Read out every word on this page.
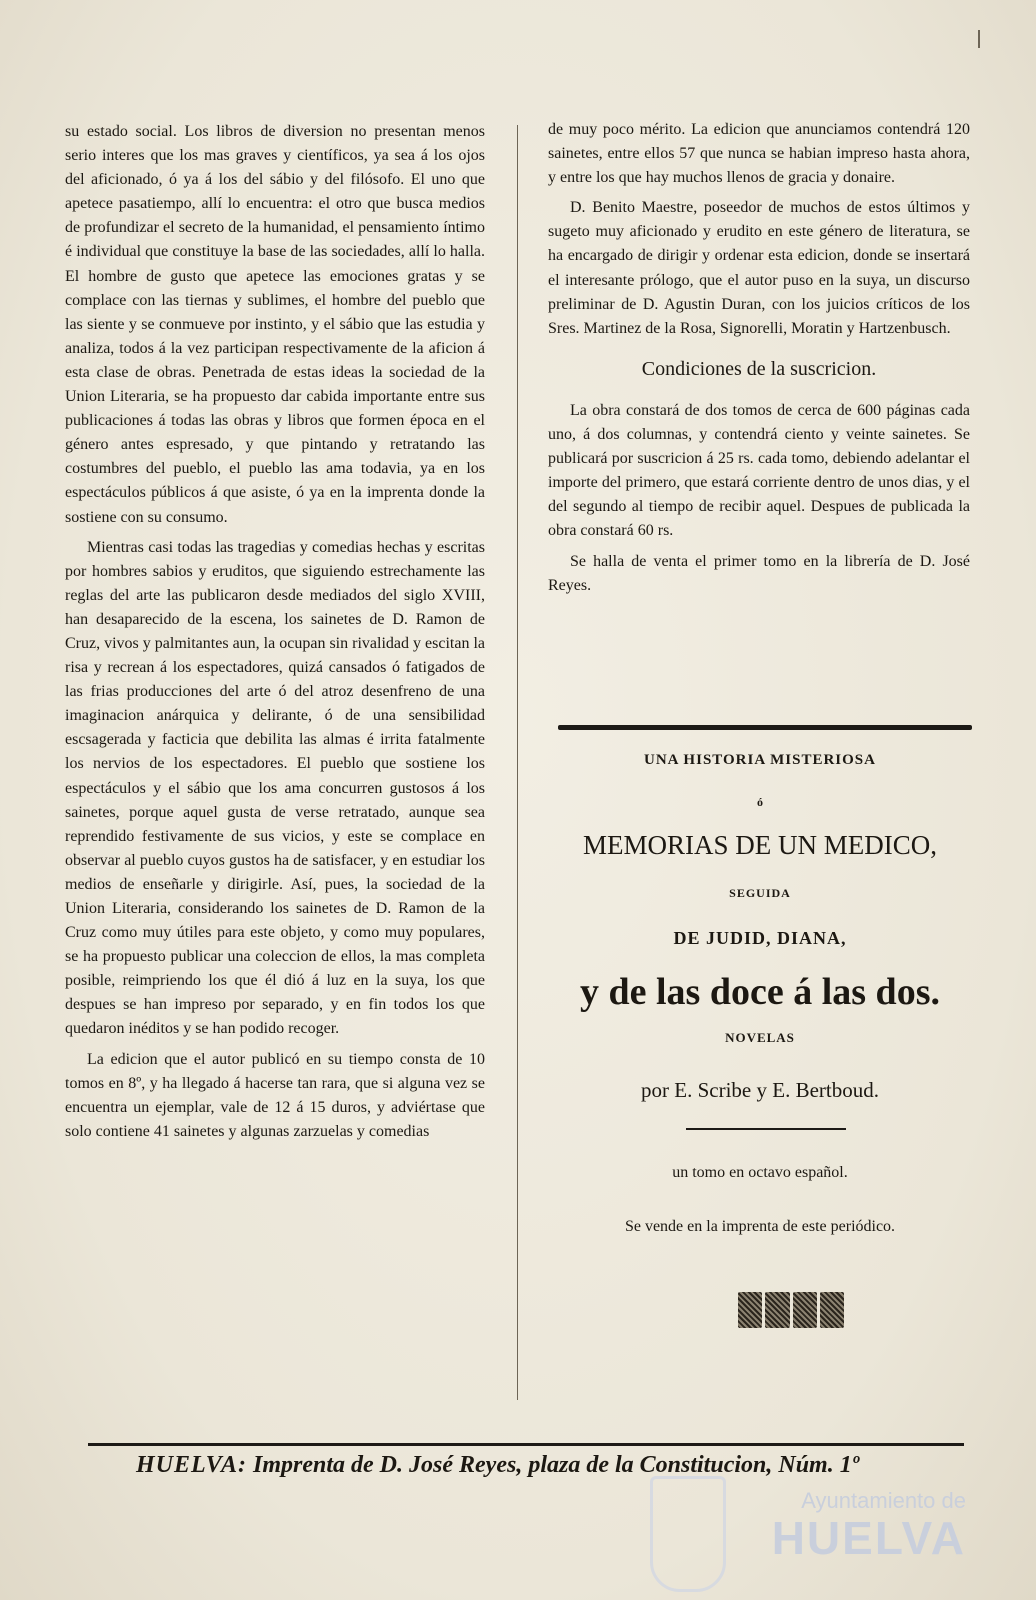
su estado social. Los libros de diversion no presentan menos serio interes que los mas graves y científicos, ya sea á los ojos del aficionado, ó ya á los del sábio y del filósofo. El uno que apetece pasatiempo, allí lo encuentra: el otro que busca medios de profundizar el secreto de la humanidad, el pensamiento íntimo é individual que constituye la base de las sociedades, allí lo halla. El hombre de gusto que apetece las emociones gratas y se complace con las tiernas y sublimes, el hombre del pueblo que las siente y se conmueve por instinto, y el sábio que las estudia y analiza, todos á la vez participan respectivamente de la aficion á esta clase de obras. Penetrada de estas ideas la sociedad de la Union Literaria, se ha propuesto dar cabida importante entre sus publicaciones á todas las obras y libros que formen época en el género antes espresado, y que pintando y retratando las costumbres del pueblo, el pueblo las ama todavia, ya en los espectáculos públicos á que asiste, ó ya en la imprenta donde la sostiene con su consumo.

Mientras casi todas las tragedias y comedias hechas y escritas por hombres sabios y eruditos, que siguiendo estrechamente las reglas del arte las publicaron desde mediados del siglo XVIII, han desaparecido de la escena, los sainetes de D. Ramon de Cruz, vivos y palmitantes aun, la ocupan sin rivalidad y escitan la risa y recrean á los espectadores, quizá cansados ó fatigados de las frias producciones del arte ó del atroz desenfreno de una imaginacion anárquica y delirante, ó de una sensibilidad escsagerada y facticia que debilita las almas é irrita fatalmente los nervios de los espectadores. El pueblo que sostiene los espectáculos y el sábio que los ama concurren gustosos á los sainetes, porque aquel gusta de verse retratado, aunque sea reprendido festivamente de sus vicios, y este se complace en observar al pueblo cuyos gustos ha de satisfacer, y en estudiar los medios de enseñarle y dirigirle. Así, pues, la sociedad de la Union Literaria, considerando los sainetes de D. Ramon de la Cruz como muy útiles para este objeto, y como muy populares, se ha propuesto publicar una coleccion de ellos, la mas completa posible, reimpriendo los que él dió á luz en la suya, los que despues se han impreso por separado, y en fin todos los que quedaron inéditos y se han podido recoger.

La edicion que el autor publicó en su tiempo consta de 10 tomos en 8º, y ha llegado á hacerse tan rara, que si alguna vez se encuentra un ejemplar, vale de 12 á 15 duros, y adviértase que solo contiene 41 sainetes y algunas zarzuelas y comedias

de muy poco mérito. La edicion que anunciamos contendrá 120 sainetes, entre ellos 57 que nunca se habian impreso hasta ahora, y entre los que hay muchos llenos de gracia y donaire.

D. Benito Maestre, poseedor de muchos de estos últimos y sugeto muy aficionado y erudito en este género de literatura, se ha encargado de dirigir y ordenar esta edicion, donde se insertará el interesante prólogo, que el autor puso en la suya, un discurso preliminar de D. Agustin Duran, con los juicios críticos de los Sres. Martinez de la Rosa, Signorelli, Moratin y Hartzenbusch.

Condiciones de la suscricion.

La obra constará de dos tomos de cerca de 600 páginas cada uno, á dos columnas, y contendrá ciento y veinte sainetes. Se publicará por suscricion á 25 rs. cada tomo, debiendo adelantar el importe del primero, que estará corriente dentro de unos dias, y el del segundo al tiempo de recibir aquel. Despues de publicada la obra constará 60 rs.

Se halla de venta el primer tomo en la librería de D. José Reyes.

UNA HISTORIA MISTERIOSA
ó
MEMORIAS DE UN MEDICO,
SEGUIDA
DE JUDID, DIANA,
y de las doce á las dos.
NOVELAS
por E. Scribe y E. Bertboud.
un tomo en octavo español.
Se vende en la imprenta de este periódico.
HUELVA: Imprenta de D. José Reyes, plaza de la Constitucion, Núm. 1º
Ayuntamiento de
HUELVA
